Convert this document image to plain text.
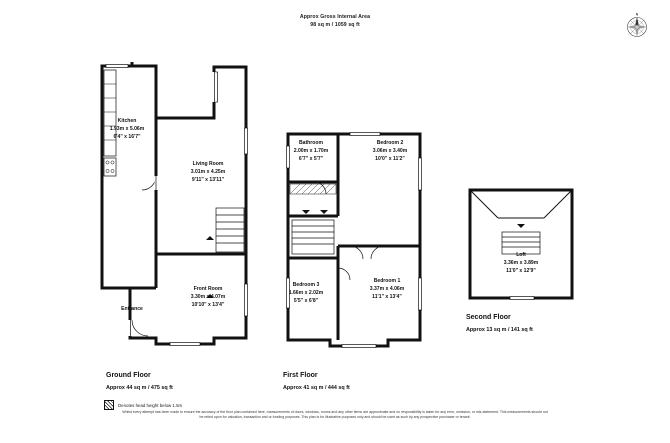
Approx Gross Internal Area
98 sq m / 1059 sq ft
N
Kitchen
1.93m x 5.06m
6'4" x 16'7"
Living Room
3.01m x 4.25m
9'11" x 13'11"
Front Room
3.30m x 4.07m
10'10" x 13'4"
Entrance
Ground Floor
Approx 44 sq m / 475 sq ft
Bathroom
2.00m x 1.70m
6'7" x 5'7"
Bedroom 2
3.06m x 3.40m
10'0" x 11'2"
Bedroom 3
1.66m x 2.02m
5'5" x 6'8"
Bedroom 1
3.37m x 4.06m
11'1" x 13'4"
First Floor
Approx 41 sq m / 444 sq ft
Loft
3.36m x 3.89m
11'0" x 12'9"
Second Floor
Approx 13 sq m / 141 sq ft
Denotes head height below 1.5m
Whilst every attempt has been made to ensure the accuracy of the floor plan contained here, measurements of doors, windows, rooms and any other items are approximate and no responsibility is taken for any error, omission, or mis-statement. This measurements should not be relied upon for valuation, transaction and or funding purposes. This plan is for illustrative purposes only and should be used as such by any prospective purchaser or tenant.
